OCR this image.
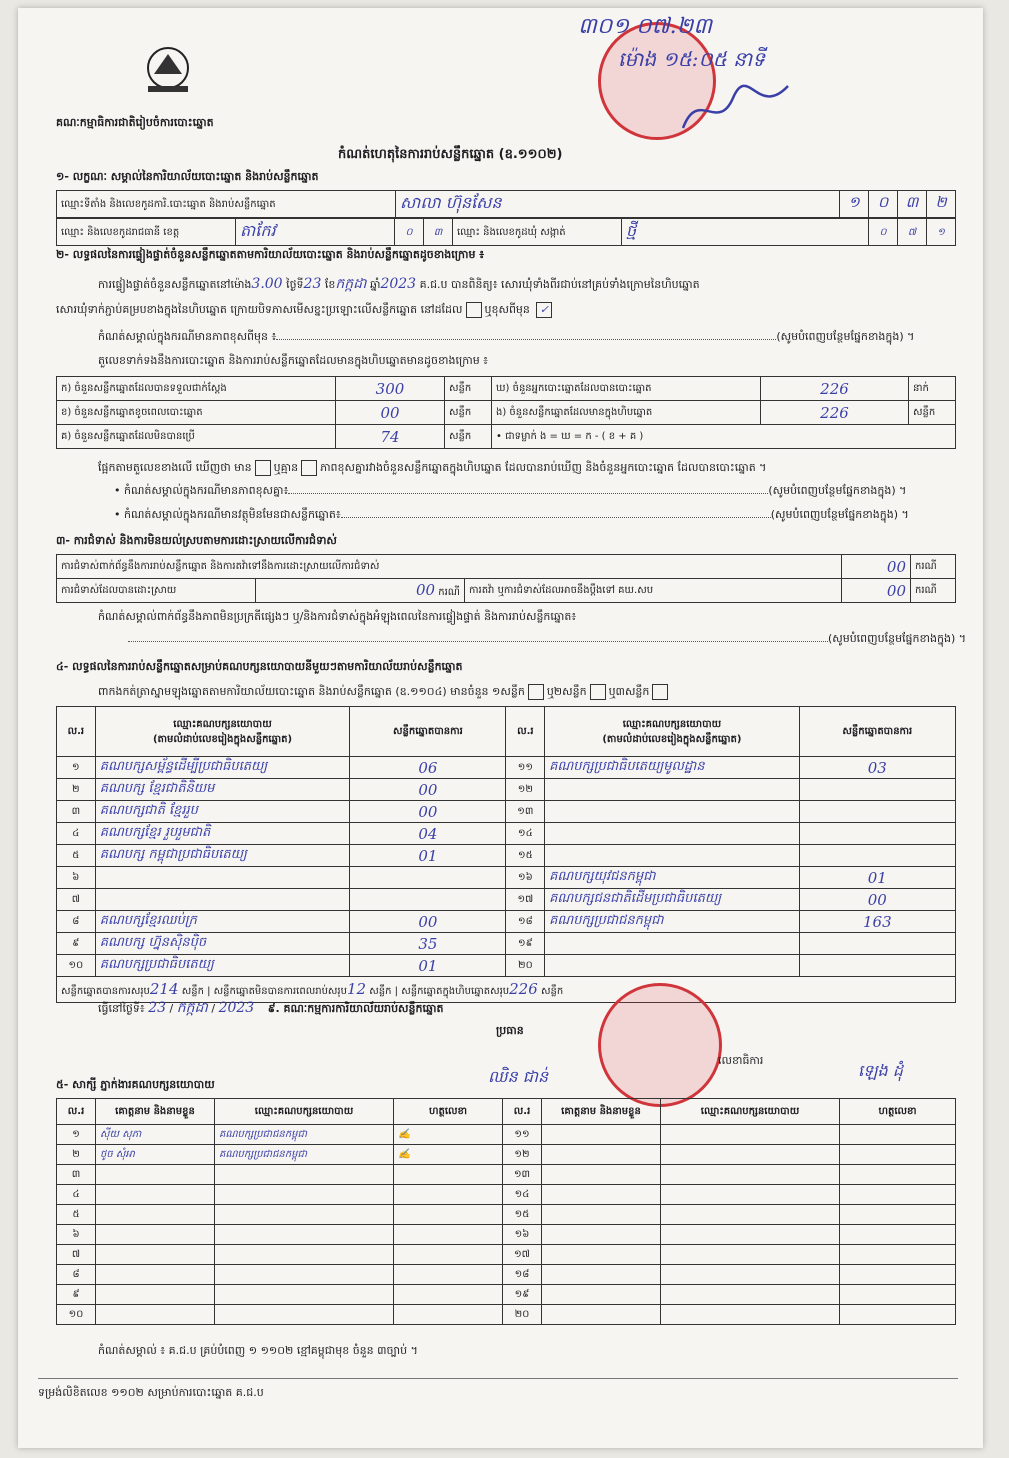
គណៈកម្មាធិការជាតិរៀបចំការបោះឆ្នោត
៣០១ ០៧.២៣
ម៉ោង ១៥:០៥ នាទី
កំណត់ហេតុនៃការរាប់សន្លឹកឆ្នោត (ឧ.១១០២)
១- លក្ខណៈ សម្គាល់នៃការិយាល័យបោះឆ្នោត និងរាប់សន្លឹកឆ្នោត
ឈ្មោះទីតាំង និងលេខកូដការិ.បោះឆ្នោត និងរាប់សន្លឹកឆ្នោត	សាលា ហ៊ុនសែន	១	០	៣	២
ឈ្មោះ និងលេខកូដរាជធានី ខេត្ត	តាកែវ	០	៣	ឈ្មោះ និងលេខកូដឃុំ សង្កាត់	ថ្មី	០	៧	១
២- លទ្ធផលនៃការផ្ទៀងផ្ទាត់ចំនួនសន្លឹកឆ្នោតតាមការិយាល័យបោះឆ្នោត និងរាប់សន្លឹកឆ្នោតដូចខាងក្រោម ៖
ការផ្ទៀងផ្ទាត់ចំនួនសន្លឹកឆ្នោតនៅម៉ោង3.00 ថ្ងៃទី23 ខែកក្កដា ឆ្នាំ2023 គ.ជ.ប បានពិនិត្យ៖ សោរឃុំទាំងពីរជាប់នៅគ្រប់ទាំងក្រោមនៃហិបឆ្នោត
សោរឃុំទាក់ភ្ជាប់គម្របខាងក្នុងនៃហិបឆ្នោត ក្រោយបិទភាសមើសខ្នះប្រឡោះលើសន្លឹកឆ្នោត នៅដដែល ឬខុសពីមុន ✓
កំណត់សម្គាល់ក្នុងករណីមានភាពខុសពីមុន ៖	(សូមបំពេញបន្ថែមផ្នែកខាងក្នុង) ។
តួលេខទាក់ទងនឹងការបោះឆ្នោត និងការរាប់សន្លឹកឆ្នោតដែលមានក្នុងហិបឆ្នោតមានដូចខាងក្រោម ៖
ក) ចំនួនសន្លឹកឆ្នោតដែលបានទទួលជាក់ស្តែង	300	សន្លឹក	ឃ) ចំនួនអ្នកបោះឆ្នោតដែលបានបោះឆ្នោត	226	នាក់
ខ) ចំនួនសន្លឹកឆ្នោតខូចពេលបោះឆ្នោត	00	សន្លឹក	ង) ចំនួនសន្លឹកឆ្នោតដែលមានក្នុងហិបឆ្នោត	226	សន្លឹក
គ) ចំនួនសន្លឹកឆ្នោតដែលមិនបានប្រើ	74	សន្លឹក	• ជាទម្លាក់ ង = ឃ = ក - ( ខ + គ )		
ផ្អែកតាមតួលេខខាងលើ ឃើញថា មាន ឬគ្មាន ភាពខុសគ្នារវាងចំនួនសន្លឹកឆ្នោតក្នុងហិបឆ្នោត ដែលបានរាប់ឃើញ និងចំនួនអ្នកបោះឆ្នោត ដែលបានបោះឆ្នោត ។
• កំណត់សម្គាល់ក្នុងករណីមានភាពខុសគ្នា៖	(សូមបំពេញបន្ថែមផ្នែកខាងក្នុង) ។
• កំណត់សម្គាល់ក្នុងករណីមានវត្ថុមិនមែនជាសន្លឹកឆ្នោត៖	(សូមបំពេញបន្ថែមផ្នែកខាងក្នុង) ។
៣- ការជំទាស់ និងការមិនយល់ស្របតាមការដោះស្រាយលើការជំទាស់
ការជំទាស់ពាក់ព័ន្ធនឹងការរាប់សន្លឹកឆ្នោត និងការតវ៉ាទៅនឹងការដោះស្រាយលើការជំទាស់			00	ករណី
ការជំទាស់ដែលបានដោះស្រាយ	00 ករណី	ការតវ៉ា ឬការជំទាស់ដែលអាចនឹងប្តឹងទៅ គឃ.សប	00	ករណី
កំណត់សម្គាល់ពាក់ព័ន្ធនឹងភាពមិនប្រក្រតីផ្សេងៗ ឬ/និងការជំទាស់ក្នុងអំឡុងពេលនៃការផ្ទៀងផ្ទាត់ និងការរាប់សន្លឹកឆ្នោត៖
(សូមបំពេញបន្ថែមផ្នែកខាងក្នុង) ។
៤- លទ្ធផលនៃការរាប់សន្លឹកឆ្នោតសម្រាប់គណបក្សនយោបាយនីមួយៗតាមការិយាល័យរាប់សន្លឹកឆ្នោត
ពាកងកត់ត្រាស្នាមឡុងឆ្នោតតាមការិយាល័យបោះឆ្នោត និងរាប់សន្លឹកឆ្នោត (ឧ.១១០៤) មានចំនួន ១សន្លឹក ឬ២សន្លឹក ឬ៣សន្លឹក
ល.រ	ឈ្មោះគណបក្សនយោបាយ
(តាមលំដាប់លេខរៀងក្នុងសន្លឹកឆ្នោត)	សន្លឹកឆ្នោតបានការ	ល.រ	ឈ្មោះគណបក្សនយោបាយ
(តាមលំដាប់លេខរៀងក្នុងសន្លឹកឆ្នោត)	សន្លឹកឆ្នោតបានការ
១	គណបក្សសម្ព័ន្ធដើម្បីប្រជាធិបតេយ្យ	06	១១	គណបក្សប្រជាធិបតេយ្យមូលដ្ឋាន	03
២	គណបក្ស ខ្មែរជាតិនិយម	00	១២		
៣	គណបក្សជាតិ ខ្មែររួប	00	១៣		
៤	គណបក្សខ្មែរ រួបរួមជាតិ	04	១៤		
៥	គណបក្ស កម្ពុជាប្រជាធិបតេយ្យ	01	១៥		
៦			១៦	គណបក្សយុវជនកម្ពុជា	01
៧			១៧	គណបក្សជនជាតិដើមប្រជាធិបតេយ្យ	00
៨	គណបក្សខ្មែរឈប់ក្រ	00	១៨	គណបក្សប្រជាជនកម្ពុជា	163
៩	គណបក្ស ហ្វ៊ុនស៊ិនប៉ិច	35	១៩		
១០	គណបក្សប្រជាធិបតេយ្យ	01	២០		
សន្លឹកឆ្នោតបានការសរុប214 សន្លឹក | សន្លឹកឆ្នោតមិនបានការពេលរាប់សរុប12 សន្លឹក | សន្លឹកឆ្នោតក្នុងហិបឆ្នោតសរុប226 សន្លឹក					
ធ្វើនៅថ្ងៃទី៖ 23 / កក្កដា / 2023 ៩. គណៈកម្មការការិយាល័យរាប់សន្លឹកឆ្នោត
ប្រធាន
ឈិន ជាន់
លេខាធិការ
ឡេង ដុំ
៥- សាក្សី ភ្នាក់ងារគណបក្សនយោបាយ
ល.រ	គោត្តនាម និងនាមខ្លួន	ឈ្មោះគណបក្សនយោបាយ	ហត្ថលេខា	ល.រ	គោត្តនាម និងនាមខ្លួន	ឈ្មោះគណបក្សនយោបាយ	ហត្ថលេខា
១	ស៊ីយ សុភា	គណបក្សប្រជាជនកម្ពុជា	✍	១១			
២	ថូច សុំអា	គណបក្សប្រជាជនកម្ពុជា	✍	១២			
៣				១៣			
៤				១៤			
៥				១៥			
៦				១៦			
៧				១៧			
៨				១៨			
៩				១៩			
១០				២០			
កំណត់សម្គាល់ ៖ គ.ជ.ប គ្រប់បំពេញ ១ ១១០២ ខ្មៅគម្ពុជាមុខ ចំនួន ៣ច្បាប់ ។
ទម្រង់លិខិតលេខ ១១០២ សម្រាប់ការបោះឆ្នោត គ.ជ.ប
